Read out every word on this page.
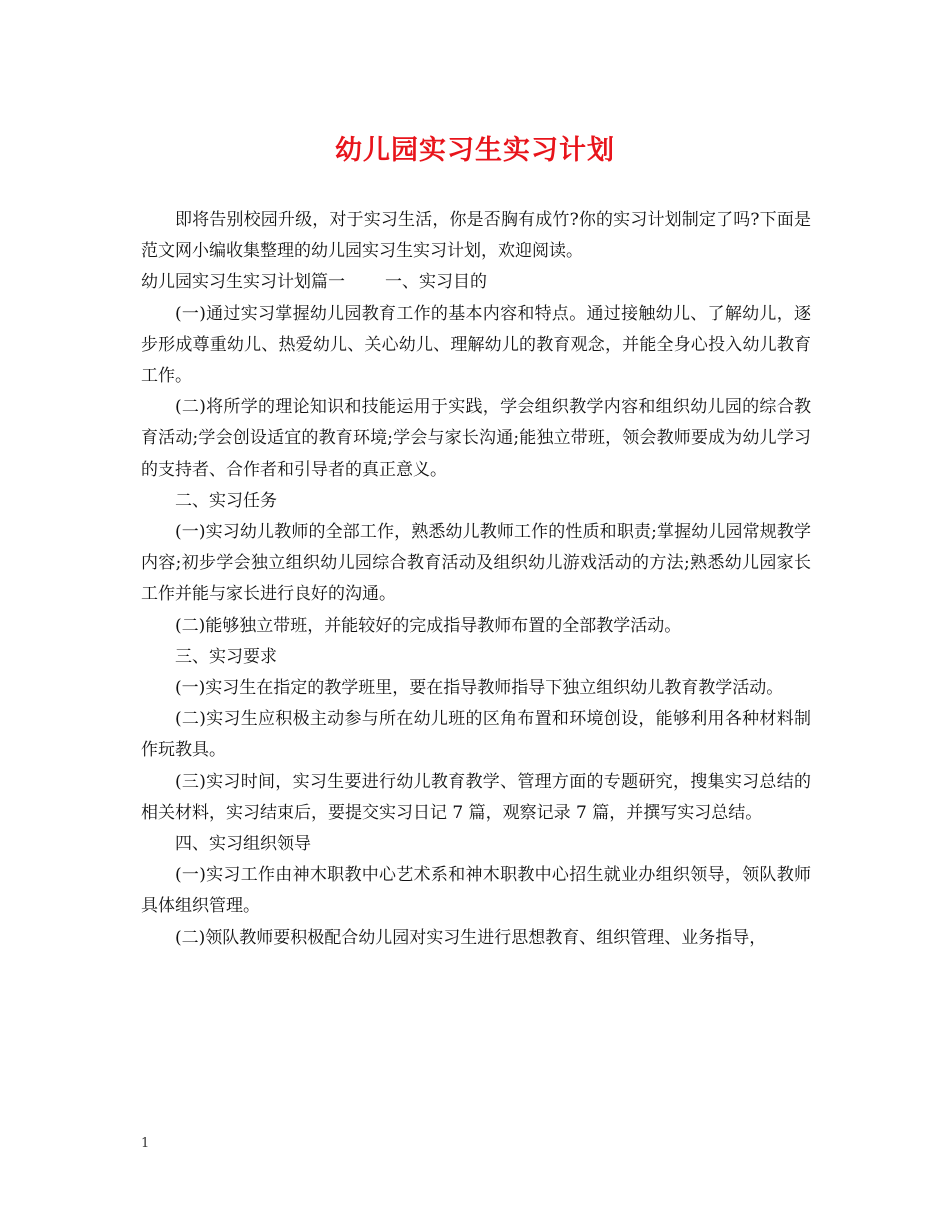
幼儿园实习生实习计划

即将告别校园升级，对于实习生活，你是否胸有成竹?你的实习计划制定了吗?下面是范文网小编收集整理的幼儿园实习生实习计划，欢迎阅读。

幼儿园实习生实习计划篇一 一、实习目的

(一)通过实习掌握幼儿园教育工作的基本内容和特点。通过接触幼儿、了解幼儿，逐步形成尊重幼儿、热爱幼儿、关心幼儿、理解幼儿的教育观念，并能全身心投入幼儿教育工作。

(二)将所学的理论知识和技能运用于实践，学会组织教学内容和组织幼儿园的综合教育活动;学会创设适宜的教育环境;学会与家长沟通;能独立带班，领会教师要成为幼儿学习的支持者、合作者和引导者的真正意义。

二、实习任务

(一)实习幼儿教师的全部工作，熟悉幼儿教师工作的性质和职责;掌握幼儿园常规教学内容;初步学会独立组织幼儿园综合教育活动及组织幼儿游戏活动的方法;熟悉幼儿园家长工作并能与家长进行良好的沟通。

(二)能够独立带班，并能较好的完成指导教师布置的全部教学活动。

三、实习要求

(一)实习生在指定的教学班里，要在指导教师指导下独立组织幼儿教育教学活动。

(二)实习生应积极主动参与所在幼儿班的区角布置和环境创设，能够利用各种材料制作玩教具。

(三)实习时间，实习生要进行幼儿教育教学、管理方面的专题研究，搜集实习总结的相关材料，实习结束后，要提交实习日记 7 篇，观察记录 7 篇，并撰写实习总结。

四、实习组织领导

(一)实习工作由神木职教中心艺术系和神木职教中心招生就业办组织领导，领队教师具体组织管理。

(二)领队教师要积极配合幼儿园对实习生进行思想教育、组织管理、业务指导，

1
